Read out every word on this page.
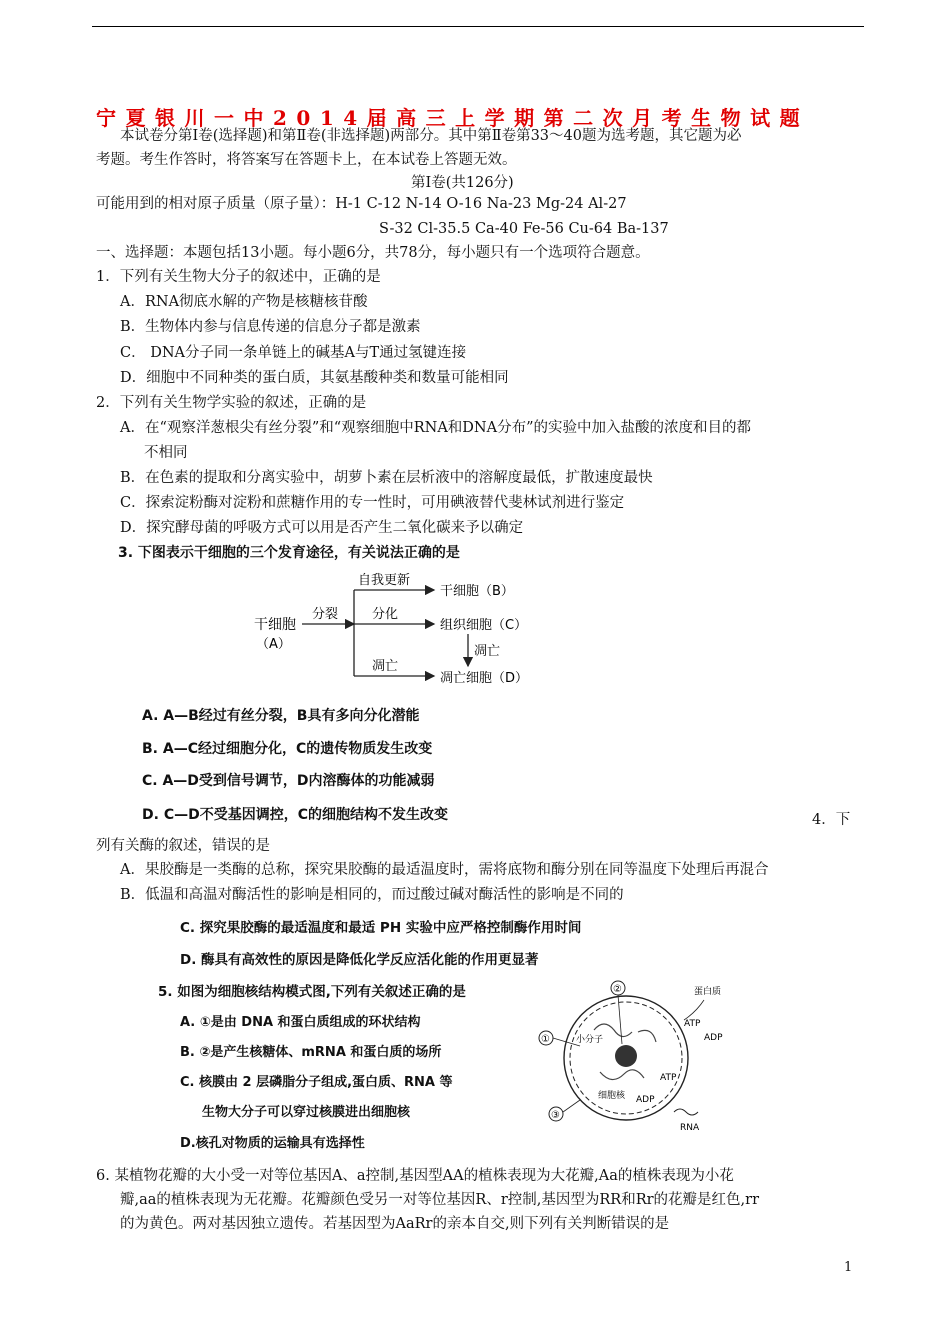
宁夏银川一中2014届高三上学期第二次月考生物试题
本试卷分第Ⅰ卷(选择题)和第Ⅱ卷(非选择题)两部分。其中第Ⅱ卷第33～40题为选考题，其它题为必
考题。考生作答时，将答案写在答题卡上，在本试卷上答题无效。
第Ⅰ卷(共126分)
可能用到的相对原子质量（原子量）：H-1 C-12 N-14 O-16 Na-23 Mg-24 Al-27
S-32 Cl-35.5 Ca-40 Fe-56 Cu-64 Ba-137
一、选择题：本题包括13小题。每小题6分，共78分，每小题只有一个选项符合题意。
1．下列有关生物大分子的叙述中，正确的是
A．RNA彻底水解的产物是核糖核苷酸
B．生物体内参与信息传递的信息分子都是激素
C． DNA分子同一条单链上的碱基A与T通过氢键连接
D．细胞中不同种类的蛋白质，其氨基酸种类和数量可能相同
2．下列有关生物学实验的叙述，正确的是
A．在“观察洋葱根尖有丝分裂”和“观察细胞中RNA和DNA分布”的实验中加入盐酸的浓度和目的都
不相同
B．在色素的提取和分离实验中，胡萝卜素在层析液中的溶解度最低，扩散速度最快
C．探索淀粉酶对淀粉和蔗糖作用的专一性时，可用碘液替代斐林试剂进行鉴定
D．探究酵母菌的呼吸方式可以用是否产生二氧化碳来予以确定
3. 下图表示干细胞的三个发育途径，有关说法正确的是
干细胞
（A）
分裂
自我更新
分化
凋亡
干细胞（B）
组织细胞（C）
凋亡
凋亡细胞（D）
A. A—B经过有丝分裂，B具有多向分化潜能
B. A—C经过细胞分化，C的遗传物质发生改变
C. A—D受到信号调节，D内溶酶体的功能减弱
D. C—D不受基因调控，C的细胞结构不发生改变	4．下
列有关酶的叙述，错误的是
A．果胶酶是一类酶的总称，探究果胶酶的最适温度时，需将底物和酶分别在同等温度下处理后再混合
B．低温和高温对酶活性的影响是相同的，而过酸过碱对酶活性的影响是不同的
C. 探究果胶酶的最适温度和最适 PH 实验中应严格控制酶作用时间
D. 酶具有高效性的原因是降低化学反应活化能的作用更显著
5. 如图为细胞核结构模式图,下列有关叙述正确的是
A. ①是由 DNA 和蛋白质组成的环状结构
B. ②是产生核糖体、mRNA 和蛋白质的场所
C. 核膜由 2 层磷脂分子组成,蛋白质、RNA 等
生物大分子可以穿过核膜进出细胞核
D.核孔对物质的运输具有选择性
②
①
③
小分子
蛋白质
ATP
ADP
ATP
ADP
细胞核
RNA
6. 某植物花瓣的大小受一对等位基因A、a控制,基因型AA的植株表现为大花瓣,Aa的植株表现为小花
瓣,aa的植株表现为无花瓣。花瓣颜色受另一对等位基因R、r控制,基因型为RR和Rr的花瓣是红色,rr
的为黄色。两对基因独立遗传。若基因型为AaRr的亲本自交,则下列有关判断错误的是
1
